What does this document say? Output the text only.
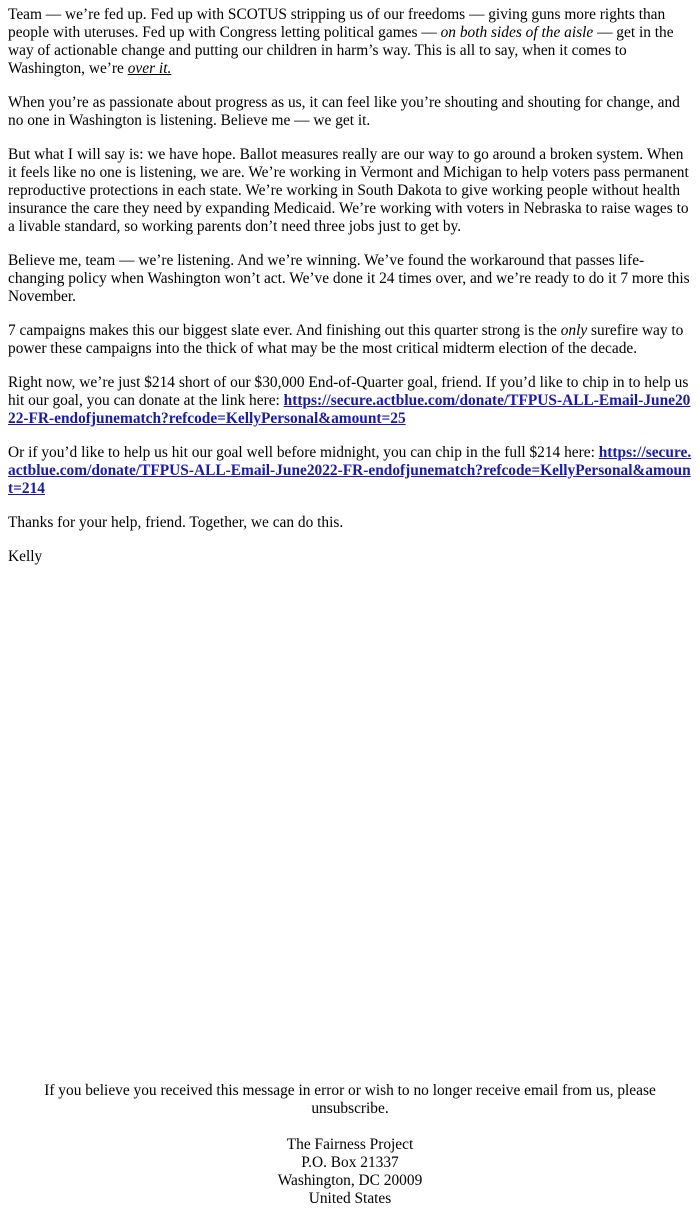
Team — we’re fed up. Fed up with SCOTUS stripping us of our freedoms — giving guns more rights than people with uteruses. Fed up with Congress letting political games — on both sides of the aisle — get in the way of actionable change and putting our children in harm’s way. This is all to say, when it comes to Washington, we’re over it.

When you’re as passionate about progress as us, it can feel like you’re shouting and shouting for change, and no one in Washington is listening. Believe me — we get it.

But what I will say is: we have hope. Ballot measures really are our way to go around a broken system. When it feels like no one is listening, we are. We’re working in Vermont and Michigan to help voters pass permanent reproductive protections in each state. We’re working in South Dakota to give working people without health insurance the care they need by expanding Medicaid. We’re working with voters in Nebraska to raise wages to a livable standard, so working parents don’t need three jobs just to get by.

Believe me, team — we’re listening. And we’re winning. We’ve found the workaround that passes life-changing policy when Washington won’t act. We’ve done it 24 times over, and we’re ready to do it 7 more this November.

7 campaigns makes this our biggest slate ever. And finishing out this quarter strong is the only surefire way to power these campaigns into the thick of what may be the most critical midterm election of the decade.

Right now, we’re just $214 short of our $30,000 End-of-Quarter goal, friend. If you’d like to chip in to help us hit our goal, you can donate at the link here: https://secure.actblue.com/donate/TFPUS-ALL-Email-June2022-FR-endofjunematch?refcode=KellyPersonal&amount=25

Or if you’d like to help us hit our goal well before midnight, you can chip in the full $214 here: https://secure.actblue.com/donate/TFPUS-ALL-Email-June2022-FR-endofjunematch?refcode=KellyPersonal&amount=214

Thanks for your help, friend. Together, we can do this.

Kelly

If you believe you received this message in error or wish to no longer receive email from us, please unsubscribe.

The Fairness Project
P.O. Box 21337
Washington, DC 20009
United States
